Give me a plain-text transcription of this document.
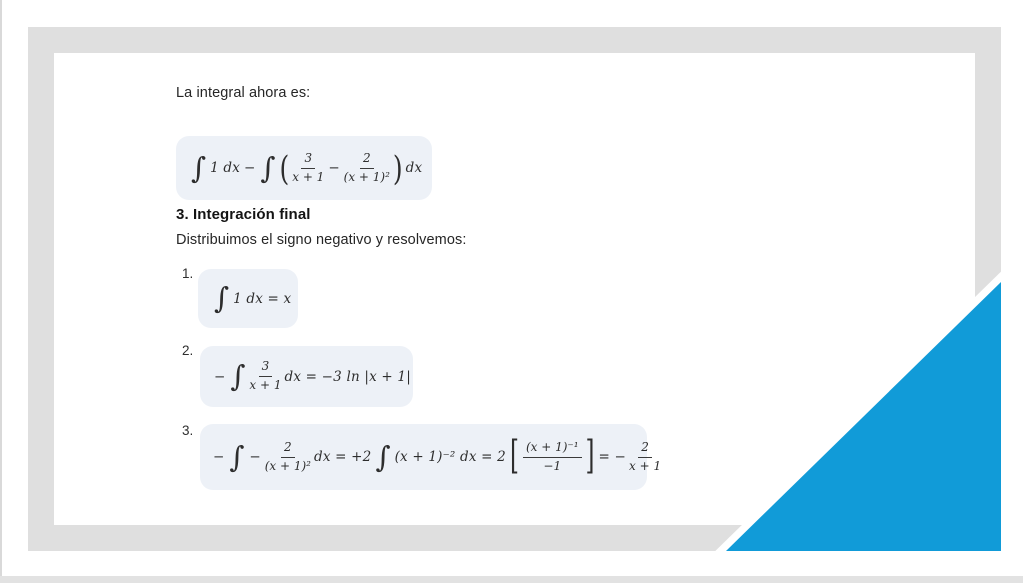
La integral ahora es:
∫ 1 dx − ∫ ( $\frac{3}{x + 1} - \frac{2}{\text{(x + 1)²}}$ ) dx
3. Integración final
Distribuimos el signo negativo y resolvemos:
1.
∫ 1 dx = x
2.
− ∫ $\frac{3}{x + 1}$ dx = −3 ln |x + 1|
3.
− ∫ − $\frac{2}{\text{(x + 1)²}}$ dx = +2 ∫ (x + 1)⁻² dx = 2 [ $\frac{\text{(x + 1)⁻¹}}{-1}$ ] = − $\frac{2}{x + 1}$
